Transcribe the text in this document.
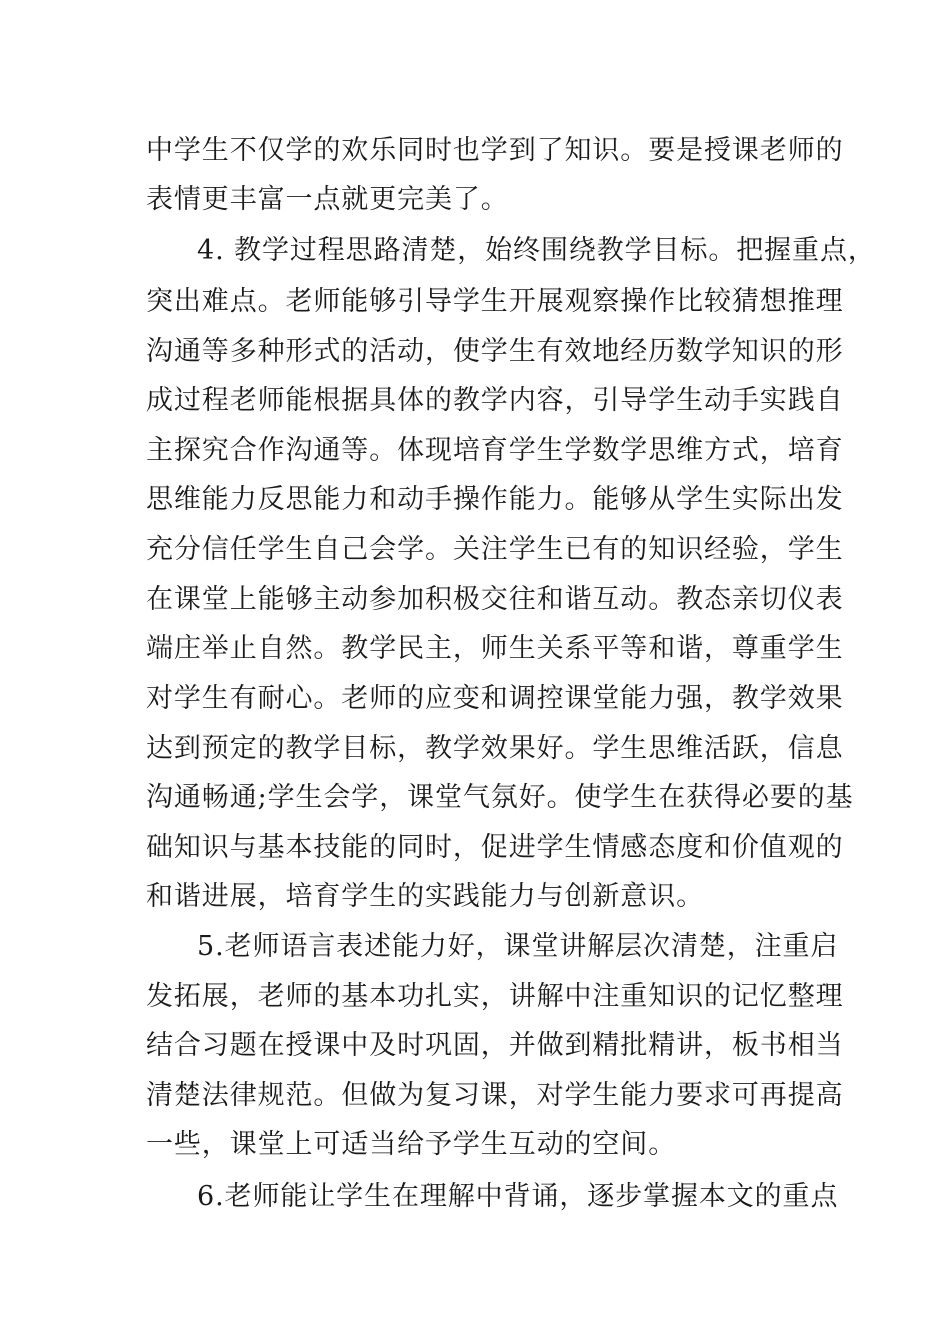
中学生不仅学的欢乐同时也学到了知识。要是授课老师的
表情更丰富一点就更完美了。
4. 教学过程思路清楚，始终围绕教学目标。把握重点，
突出难点。老师能够引导学生开展观察操作比较猜想推理
沟通等多种形式的活动，使学生有效地经历数学知识的形
成过程老师能根据具体的教学内容，引导学生动手实践自
主探究合作沟通等。体现培育学生学数学思维方式，培育
思维能力反思能力和动手操作能力。能够从学生实际出发
充分信任学生自己会学。关注学生已有的知识经验，学生
在课堂上能够主动参加积极交往和谐互动。教态亲切仪表
端庄举止自然。教学民主，师生关系平等和谐，尊重学生
对学生有耐心。老师的应变和调控课堂能力强，教学效果
达到预定的教学目标，教学效果好。学生思维活跃，信息
沟通畅通;学生会学，课堂气氛好。使学生在获得必要的基
础知识与基本技能的同时，促进学生情感态度和价值观的
和谐进展，培育学生的实践能力与创新意识。
5.老师语言表述能力好，课堂讲解层次清楚，注重启
发拓展，老师的基本功扎实，讲解中注重知识的记忆整理
结合习题在授课中及时巩固，并做到精批精讲，板书相当
清楚法律规范。但做为复习课，对学生能力要求可再提高
一些，课堂上可适当给予学生互动的空间。
6.老师能让学生在理解中背诵，逐步掌握本文的重点
